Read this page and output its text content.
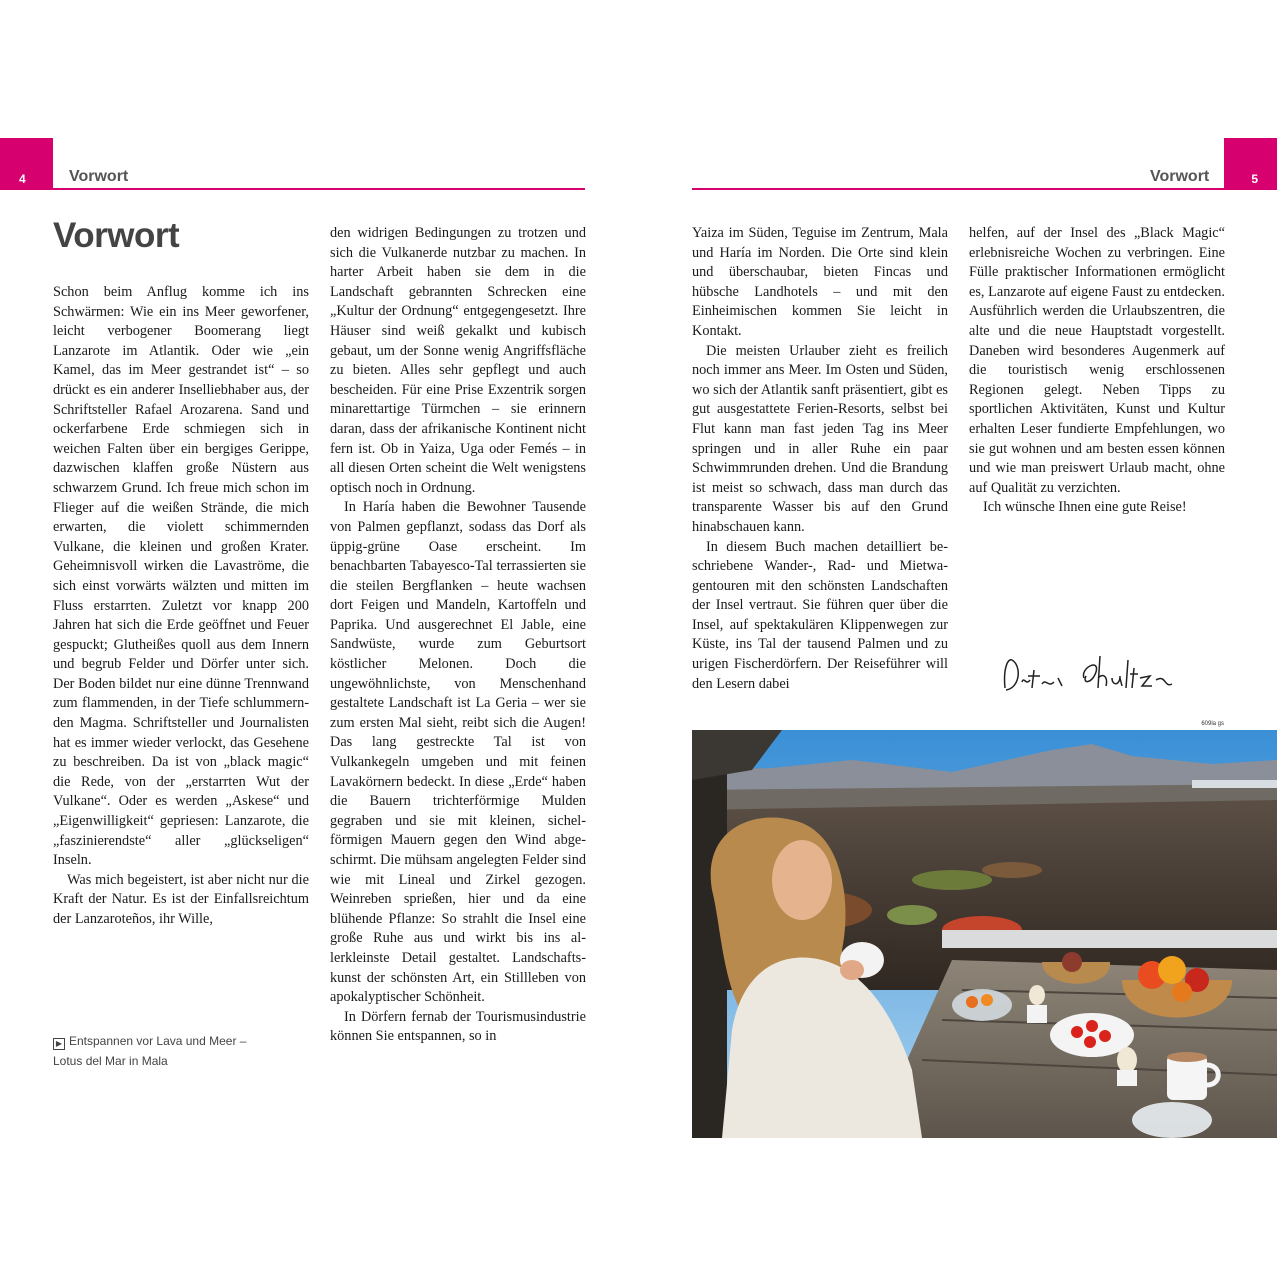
4	Vorwort
Vorwort

Schon beim Anflug komme ich ins Schwärmen: Wie ein ins Meer geworfener, leicht verbogener Boomerang liegt Lanzarote im Atlantik. Oder wie „ein Kamel, das im Meer gestrandet ist“ – so drückt es ein anderer Inselliebhaber aus, der Schriftsteller Rafael Arozarena. Sand und ockerfarbene Erde schmiegen sich in weichen Falten über ein bergiges Gerippe, dazwischen klaffen große Nüstern aus schwarzem Grund. Ich freue mich schon im Flieger auf die weißen Strände, die mich erwarten, die violett schimmernden Vulkane, die kleinen und großen Krater. Geheimnisvoll wirken die Lavaströme, die sich einst vorwärts wälzten und mitten im Fluss erstarrten. Zuletzt vor knapp 200 Jahren hat sich die Erde geöffnet und Feuer gespuckt; Glutheißes quoll aus dem Innern und begrub Felder und Dörfer unter sich. Der Boden bildet nur eine dünne Trennwand zum flammenden, in der Tiefe schlummernden Magma. Schriftsteller und Journalisten hat es immer wieder verlockt, das Gesehene zu beschreiben. Da ist von „black magic“ die Rede, von der „erstarrten Wut der Vulkane“. Oder es werden „Askese“ und „Eigenwilligkeit“ gepriesen: Lanzarote, die „faszinierendste“ aller „glückseligen“ Inseln.

Was mich begeistert, ist aber nicht nur die Kraft der Natur. Es ist der Einfallsreichtum der Lanzaroteños, ihr Wille,

den widrigen Bedingungen zu trotzen und sich die Vulkanerde nutzbar zu machen. In harter Arbeit haben sie dem in die Landschaft gebrannten Schrecken eine „Kultur der Ordnung“ entgegengesetzt. Ihre Häuser sind weiß gekalkt und kubisch gebaut, um der Sonne wenig Angriffsfläche zu bieten. Alles sehr gepflegt und auch bescheiden. Für eine Prise Exzentrik sorgen minarettartige Türmchen – sie erinnern daran, dass der afrikanische Kontinent nicht fern ist. Ob in Yaiza, Uga oder Femés – in all diesen Orten scheint die Welt wenigstens optisch noch in Ordnung.

In Haría haben die Bewohner Tausende von Palmen gepflanzt, sodass das Dorf als üppig-grüne Oase erscheint. Im benachbarten Tabayesco-Tal terrassierten sie die steilen Bergflanken – heute wachsen dort Feigen und Mandeln, Kartoffeln und Paprika. Und ausgerechnet El Jable, eine Sandwüste, wurde zum Geburtsort köstlicher Melonen. Doch die ungewöhnlichste, von Menschenhand gestaltete Landschaft ist La Geria – wer sie zum ersten Mal sieht, reibt sich die Augen! Das lang gestreckte Tal ist von Vulkankegeln umgeben und mit feinen Lavakörnern bedeckt. In diese „Erde“ haben die Bauern trichterförmige Mulden gegraben und sie mit kleinen, sichelförmigen Mauern gegen den Wind abgeschirmt. Die mühsam angelegten Felder sind wie mit Lineal und Zirkel gezogen. Weinreben sprießen, hier und da eine blühende Pflanze: So strahlt die Insel eine große Ruhe aus und wirkt bis ins allerkleinste Detail gestaltet. Landschaftskunst der schönsten Art, ein Stillleben von apokalyptischer Schönheit.

In Dörfern fernab der Tourismusindustrie können Sie entspannen, so in

▶ Entspannen vor Lava und Meer –
Lotus del Mar in Mala
5
Vorwort

Yaiza im Süden, Teguise im Zentrum, Mala und Haría im Norden. Die Orte sind klein und überschaubar, bieten Fincas und hübsche Landhotels – und mit den Einheimischen kommen Sie leicht in Kontakt.

Die meisten Urlauber zieht es freilich noch immer ans Meer. Im Osten und Süden, wo sich der Atlantik sanft präsentiert, gibt es gut ausgestattete Ferien-Resorts, selbst bei Flut kann man fast jeden Tag ins Meer springen und in aller Ruhe ein paar Schwimmrunden drehen. Und die Brandung ist meist so schwach, dass man durch das transparente Wasser bis auf den Grund hinabschauen kann.

In diesem Buch machen detailliert beschriebene Wander-, Rad- und Mietwagentouren mit den schönsten Landschaften der Insel vertraut. Sie führen quer über die Insel, auf spektakulären Klippenwegen zur Küste, ins Tal der tausend Palmen und zu urigen Fischerdörfern. Der Reiseführer will den Lesern dabei

helfen, auf der Insel des „Black Magic“ erlebnisreiche Wochen zu verbringen. Eine Fülle praktischer Informationen ermöglicht es, Lanzarote auf eigene Faust zu entdecken. Ausführlich werden die Urlaubszentren, die alte und die neue Hauptstadt vorgestellt. Daneben wird besonderes Augenmerk auf die touristisch wenig erschlossenen Regionen gelegt. Neben Tipps zu sportlichen Aktivitäten, Kunst und Kultur erhalten Leser fundierte Empfehlungen, wo sie gut wohnen und am besten essen können und wie man preiswert Urlaub macht, ohne auf Qualität zu verzichten.

Ich wünsche Ihnen eine gute Reise!

609la gs
